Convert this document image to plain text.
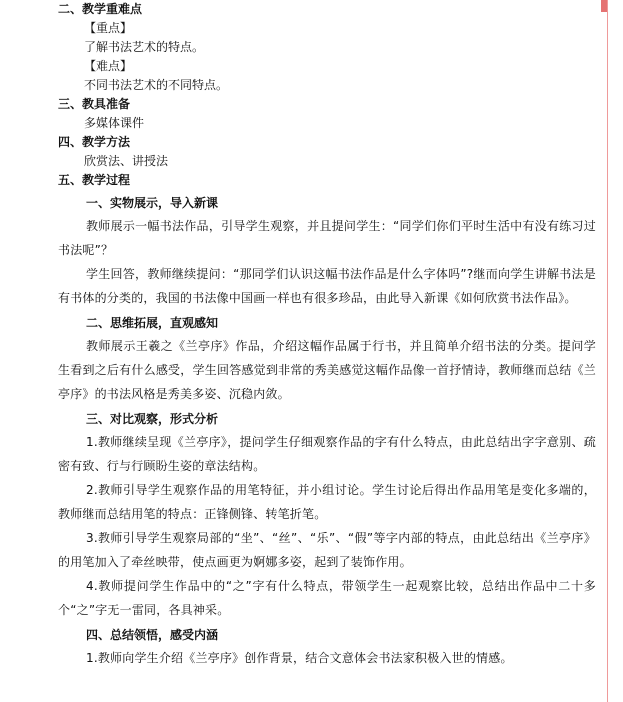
二、教学重难点
【重点】
了解书法艺术的特点。
【难点】
不同书法艺术的不同特点。
三、教具准备
多媒体课件
四、教学方法
欣赏法、讲授法
五、教学过程
一、实物展示，导入新课

教师展示一幅书法作品，引导学生观察，并且提问学生：“同学们你们平时生活中有没有练习过书法呢”？

学生回答，教师继续提问：“那同学们认识这幅书法作品是什么字体吗”?继而向学生讲解书法是有书体的分类的，我国的书法像中国画一样也有很多珍品，由此导入新课《如何欣赏书法作品》。

二、思维拓展，直观感知

教师展示王羲之《兰亭序》作品，介绍这幅作品属于行书，并且简单介绍书法的分类。提问学生看到之后有什么感受，学生回答感觉到非常的秀美感觉这幅作品像一首抒情诗，教师继而总结《兰亭序》的书法风格是秀美多姿、沉稳内敛。

三、对比观察，形式分析

1.教师继续呈现《兰亭序》，提问学生仔细观察作品的字有什么特点，由此总结出字字意别、疏密有致、行与行顾盼生姿的章法结构。

2.教师引导学生观察作品的用笔特征，并小组讨论。学生讨论后得出作品用笔是变化多端的，教师继而总结用笔的特点：正锋侧锋、转笔折笔。

3.教师引导学生观察局部的“坐”、“丝”、“乐”、“假”等字内部的特点，由此总结出《兰亭序》的用笔加入了牵丝映带，使点画更为婀娜多姿，起到了装饰作用。

4.教师提问学生作品中的“之”字有什么特点，带领学生一起观察比较，总结出作品中二十多个“之”字无一雷同，各具神采。

四、总结领悟，感受内涵

1.教师向学生介绍《兰亭序》创作背景，结合文意体会书法家积极入世的情感。
